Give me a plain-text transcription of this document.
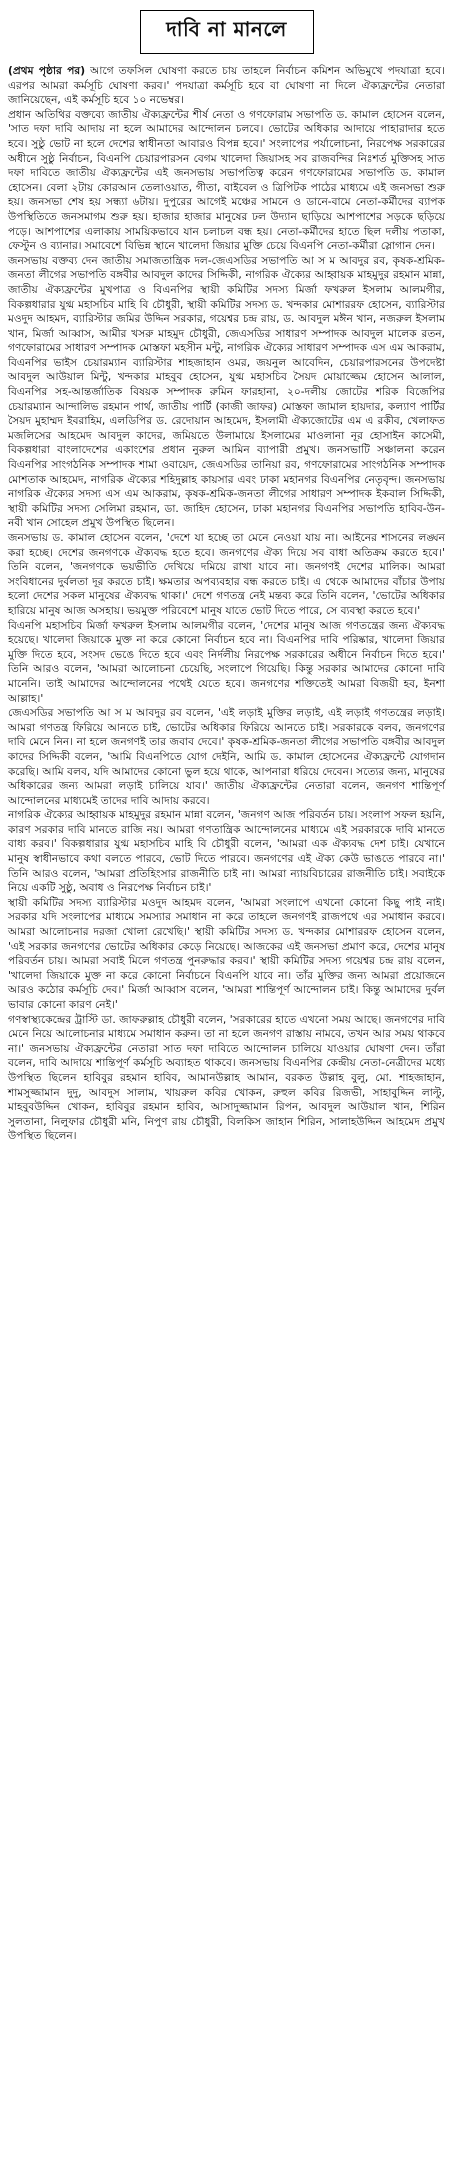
দাবি না মানলে

(প্রথম পৃষ্ঠার পর) আগে তফসিল ঘোষণা করতে চায় তাহলে নির্বাচন কমিশন অভিমুখে পদযাত্রা হবে। এরপর আমরা কর্মসূচি ঘোষণা করব।' পদযাত্রা কর্মসূচি হবে বা ঘোষণা না দিলে ঐক্যফ্রন্টের নেতারা জানিয়েছেন, এই কর্মসূচি হবে ১০ নভেম্বর।

প্রধান অতিথির বক্তব্যে জাতীয় ঐক্যফ্রন্টের শীর্ষ নেতা ও গণফোরাম সভাপতি ড. কামাল হোসেন বলেন, 'সাত দফা দাবি আদায় না হলে আমাদের আন্দোলন চলবে। ভোটের অধিকার আদায়ে পাহারাদার হতে হবে। সুষ্ঠু ভোট না হলে দেশের স্বাধীনতা আবারও বিপন্ন হবে।' সংলাপের পর্যালোচনা, নিরপেক্ষ সরকারের অধীনে সুষ্ঠু নির্বাচন, বিএনপি চেয়ারপারসন বেগম খালেদা জিয়াসহ সব রাজবন্দির নিঃশর্ত মুক্তিসহ সাত দফা দাবিতে জাতীয় ঐক্যফ্রন্টের এই জনসভায় সভাপতিত্ব করেন গণফোরামের সভাপতি ড. কামাল হোসেন। বেলা ২টায় কোরআন তেলাওয়াত, গীতা, বাইবেল ও ত্রিপিটক পাঠের মাধ্যমে এই জনসভা শুরু হয়। জনসভা শেষ হয় সন্ধ্যা ৬টায়। দুপুরের আগেই মঞ্চের সামনে ও ডানে-বামে নেতা-কর্মীদের ব্যাপক উপস্থিতিতে জনসমাগম শুরু হয়। হাজার হাজার মানুষের ঢল উদ্যান ছাড়িয়ে আশপাশের সড়কে ছড়িয়ে পড়ে। আশপাশের এলাকায় সাময়িকভাবে যান চলাচল বন্ধ হয়। নেতা-কর্মীদের হাতে ছিল দলীয় পতাকা, ফেস্টুন ও ব্যানার। সমাবেশে বিভিন্ন স্থানে খালেদা জিয়ার মুক্তি চেয়ে বিএনপি নেতা-কর্মীরা স্লোগান দেন।

জনসভায় বক্তব্য দেন জাতীয় সমাজতান্ত্রিক দল-জেএসডির সভাপতি আ স ম আবদুর রব, কৃষক-শ্রমিক-জনতা লীগের সভাপতি বঙ্গবীর আবদুল কাদের সিদ্দিকী, নাগরিক ঐক্যের আহ্বায়ক মাহমুদুর রহমান মান্না, জাতীয় ঐক্যফ্রন্টের মুখপাত্র ও বিএনপির স্থায়ী কমিটির সদস্য মির্জা ফখরুল ইসলাম আলমগীর, বিকল্পধারার যুগ্ম মহাসচিব মাহি বি চৌধুরী, স্থায়ী কমিটির সদস্য ড. খন্দকার মোশাররফ হোসেন, ব্যারিস্টার মওদুদ আহমদ, ব্যারিস্টার জমির উদ্দিন সরকার, গয়েশ্বর চন্দ্র রায়, ড. আবদুল মঈন খান, নজরুল ইসলাম খান, মির্জা আব্বাস, আমীর খসরু মাহমুদ চৌধুরী, জেএসডির সাধারণ সম্পাদক আবদুল মালেক রতন, গণফোরামের সাধারণ সম্পাদক মোস্তফা মহসীন মন্টু, নাগরিক ঐক্যের সাধারণ সম্পাদক এস এম আকরাম, বিএনপির ভাইস চেয়ারম্যান ব্যারিস্টার শাহজাহান ওমর, জয়নুল আবেদিন, চেয়ারপারসনের উপদেষ্টা আবদুল আউয়াল মিন্টু, খন্দকার মাহবুব হোসেন, যুগ্ম মহাসচিব সৈয়দ মোয়াজ্জেম হোসেন আলাল, বিএনপির সহ-আন্তর্জাতিক বিষয়ক সম্পাদক রুমিন ফারহানা, ২০-দলীয় জোটের শরিক বিজেপির চেয়ারম্যান আন্দালিভ রহমান পার্থ, জাতীয় পার্টি (কাজী জাফর) মোস্তফা জামাল হায়দার, কল্যাণ পার্টির সৈয়দ মুহাম্মদ ইবরাহিম, এলডিপির ড. রেদোয়ান আহমেদ, ইসলামী ঐক্যজোটের এম এ রকীব, খেলাফত মজলিসের আহমেদ আবদুল কাদের, জমিয়তে উলামায়ে ইসলামের মাওলানা নূর হোসাইন কাসেমী, বিকল্পধারা বাংলাদেশের একাংশের প্রধান নুরুল আমিন ব্যাপারী প্রমুখ। জনসভাটি সঞ্চালনা করেন বিএনপির সাংগঠনিক সম্পাদক শামা ওবায়েদ, জেএসডির তানিয়া রব, গণফোরামের সাংগঠনিক সম্পাদক মোশতাক আহমেদ, নাগরিক ঐক্যের শহিদুল্লাহ কায়সার এবং ঢাকা মহানগর বিএনপির নেতৃবৃন্দ। জনসভায় নাগরিক ঐক্যের সদস্য এস এম আকরাম, কৃষক-শ্রমিক-জনতা লীগের সাধারণ সম্পাদক ইকবাল সিদ্দিকী, স্থায়ী কমিটির সদস্য সেলিমা রহমান, ডা. জাহিদ হোসেন, ঢাকা মহানগর বিএনপির সভাপতি হাবিব-উন-নবী খান সোহেল প্রমুখ উপস্থিত ছিলেন।

জনসভায় ড. কামাল হোসেন বলেন, 'দেশে যা হচ্ছে তা মেনে নেওয়া যায় না। আইনের শাসনের লঙ্ঘন করা হচ্ছে। দেশের জনগণকে ঐক্যবদ্ধ হতে হবে। জনগণের ঐক্য দিয়ে সব বাধা অতিক্রম করতে হবে।' তিনি বলেন, 'জনগণকে ভয়ভীতি দেখিয়ে দমিয়ে রাখা যাবে না। জনগণই দেশের মালিক। আমরা সংবিধানের দুর্বলতা দূর করতে চাই। ক্ষমতার অপব্যবহার বন্ধ করতে চাই। এ থেকে আমাদের বাঁচার উপায় হলো দেশের সকল মানুষের ঐক্যবদ্ধ থাকা।' দেশে গণতন্ত্র নেই মন্তব্য করে তিনি বলেন, 'ভোটের অধিকার হারিয়ে মানুষ আজ অসহায়। ভয়মুক্ত পরিবেশে মানুষ যাতে ভোট দিতে পারে, সে ব্যবস্থা করতে হবে।'

বিএনপি মহাসচিব মির্জা ফখরুল ইসলাম আলমগীর বলেন, 'দেশের মানুষ আজ গণতন্ত্রের জন্য ঐক্যবদ্ধ হয়েছে। খালেদা জিয়াকে মুক্ত না করে কোনো নির্বাচন হবে না। বিএনপির দাবি পরিষ্কার, খালেদা জিয়ার মুক্তি দিতে হবে, সংসদ ভেঙে দিতে হবে এবং নির্দলীয় নিরপেক্ষ সরকারের অধীনে নির্বাচন দিতে হবে।' তিনি আরও বলেন, 'আমরা আলোচনা চেয়েছি, সংলাপে গিয়েছি। কিন্তু সরকার আমাদের কোনো দাবি মানেনি। তাই আমাদের আন্দোলনের পথেই যেতে হবে। জনগণের শক্তিতেই আমরা বিজয়ী হব, ইনশা আল্লাহ।'

জেএসডির সভাপতি আ স ম আবদুর রব বলেন, 'এই লড়াই মুক্তির লড়াই, এই লড়াই গণতন্ত্রের লড়াই। আমরা গণতন্ত্র ফিরিয়ে আনতে চাই, ভোটের অধিকার ফিরিয়ে আনতে চাই। সরকারকে বলব, জনগণের দাবি মেনে নিন। না হলে জনগণই তার জবাব দেবে।' কৃষক-শ্রমিক-জনতা লীগের সভাপতি বঙ্গবীর আবদুল কাদের সিদ্দিকী বলেন, 'আমি বিএনপিতে যোগ দেইনি, আমি ড. কামাল হোসেনের ঐক্যফ্রন্টে যোগদান করেছি। আমি বলব, যদি আমাদের কোনো ভুল হয়ে থাকে, আপনারা ধরিয়ে দেবেন। সত্যের জন্য, মানুষের অধিকারের জন্য আমরা লড়াই চালিয়ে যাব।' জাতীয় ঐক্যফ্রন্টের নেতারা বলেন, জনগণ শান্তিপূর্ণ আন্দোলনের মাধ্যমেই তাদের দাবি আদায় করবে।

নাগরিক ঐক্যের আহ্বায়ক মাহমুদুর রহমান মান্না বলেন, 'জনগণ আজ পরিবর্তন চায়। সংলাপ সফল হয়নি, কারণ সরকার দাবি মানতে রাজি নয়। আমরা গণতান্ত্রিক আন্দোলনের মাধ্যমে এই সরকারকে দাবি মানতে বাধ্য করব।' বিকল্পধারার যুগ্ম মহাসচিব মাহি বি চৌধুরী বলেন, 'আমরা এক ঐক্যবদ্ধ দেশ চাই। যেখানে মানুষ স্বাধীনভাবে কথা বলতে পারবে, ভোট দিতে পারবে। জনগণের এই ঐক্য কেউ ভাঙতে পারবে না।' তিনি আরও বলেন, 'আমরা প্রতিহিংসার রাজনীতি চাই না। আমরা ন্যায়বিচারের রাজনীতি চাই। সবাইকে নিয়ে একটি সুষ্ঠু, অবাধ ও নিরপেক্ষ নির্বাচন চাই।'

স্থায়ী কমিটির সদস্য ব্যারিস্টার মওদুদ আহমদ বলেন, 'আমরা সংলাপে এখনো কোনো কিছু পাই নাই। সরকার যদি সংলাপের মাধ্যমে সমস্যার সমাধান না করে তাহলে জনগণই রাজপথে এর সমাধান করবে। আমরা আলোচনার দরজা খোলা রেখেছি।' স্থায়ী কমিটির সদস্য ড. খন্দকার মোশাররফ হোসেন বলেন, 'এই সরকার জনগণের ভোটের অধিকার কেড়ে নিয়েছে। আজকের এই জনসভা প্রমাণ করে, দেশের মানুষ পরিবর্তন চায়। আমরা সবাই মিলে গণতন্ত্র পুনরুদ্ধার করব।' স্থায়ী কমিটির সদস্য গয়েশ্বর চন্দ্র রায় বলেন, 'খালেদা জিয়াকে মুক্ত না করে কোনো নির্বাচনে বিএনপি যাবে না। তাঁর মুক্তির জন্য আমরা প্রয়োজনে আরও কঠোর কর্মসূচি দেব।' মির্জা আব্বাস বলেন, 'আমরা শান্তিপূর্ণ আন্দোলন চাই। কিন্তু আমাদের দুর্বল ভাবার কোনো কারণ নেই।'

গণস্বাস্থ্যকেন্দ্রের ট্রাস্টি ডা. জাফরুল্লাহ চৌধুরী বলেন, 'সরকারের হাতে এখনো সময় আছে। জনগণের দাবি মেনে নিয়ে আলোচনার মাধ্যমে সমাধান করুন। তা না হলে জনগণ রাস্তায় নামবে, তখন আর সময় থাকবে না।' জনসভায় ঐক্যফ্রন্টের নেতারা সাত দফা দাবিতে আন্দোলন চালিয়ে যাওয়ার ঘোষণা দেন। তাঁরা বলেন, দাবি আদায়ে শান্তিপূর্ণ কর্মসূচি অব্যাহত থাকবে। জনসভায় বিএনপির কেন্দ্রীয় নেতা-নেত্রীদের মধ্যে উপস্থিত ছিলেন হাবিবুর রহমান হাবিব, আমানউল্লাহ আমান, বরকত উল্লাহ বুলু, মো. শাহজাহান, শামসুজ্জামান দুদু, আবদুস সালাম, খায়রুল কবির খোকন, রুহুল কবির রিজভী, সাহাবুদ্দিন লাল্টু, মাহবুবউদ্দিন খোকন, হাবিবুর রহমান হাবিব, আসাদুজ্জামান রিপন, আবদুল আউয়াল খান, শিরিন সুলতানা, নিলুফার চৌধুরী মনি, নিপুণ রায় চৌধুরী, বিলকিস জাহান শিরিন, সালাহউদ্দিন আহমেদ প্রমুখ উপস্থিত ছিলেন।
